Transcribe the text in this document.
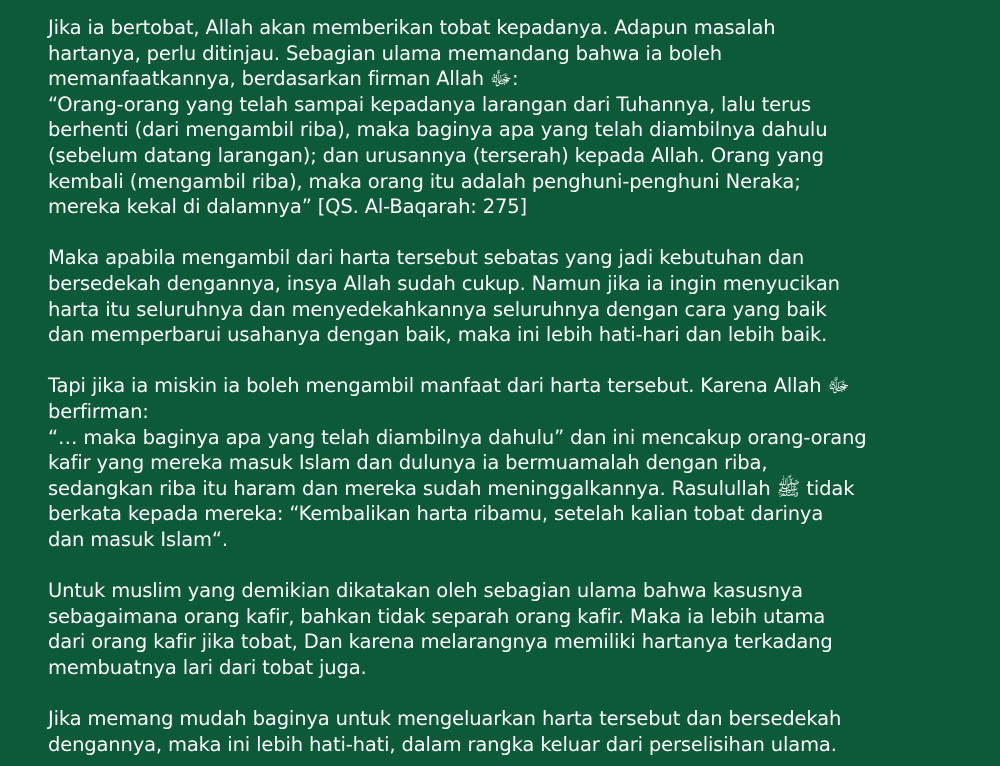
Jika ia bertobat, Allah akan memberikan tobat kepadanya. Adapun masalah
hartanya, perlu ditinjau. Sebagian ulama memandang bahwa ia boleh
memanfaatkannya, berdasarkan firman Allah ﷻ:
“Orang-orang yang telah sampai kepadanya larangan dari Tuhannya, lalu terus
berhenti (dari mengambil riba), maka baginya apa yang telah diambilnya dahulu
(sebelum datang larangan); dan urusannya (terserah) kepada Allah. Orang yang
kembali (mengambil riba), maka orang itu adalah penghuni-penghuni Neraka;
mereka kekal di dalamnya” [QS. Al-Baqarah: 275]

Maka apabila mengambil dari harta tersebut sebatas yang jadi kebutuhan dan
bersedekah dengannya, insya Allah sudah cukup. Namun jika ia ingin menyucikan
harta itu seluruhnya dan menyedekahkannya seluruhnya dengan cara yang baik
dan memperbarui usahanya dengan baik, maka ini lebih hati-hari dan lebih baik.

Tapi jika ia miskin ia boleh mengambil manfaat dari harta tersebut. Karena Allah ﷻ
berfirman:
“… maka baginya apa yang telah diambilnya dahulu” dan ini mencakup orang-orang
kafir yang mereka masuk Islam dan dulunya ia bermuamalah dengan riba,
sedangkan riba itu haram dan mereka sudah meninggalkannya. Rasulullah ﷺ tidak
berkata kepada mereka: “Kembalikan harta ribamu, setelah kalian tobat darinya
dan masuk Islam“.

Untuk muslim yang demikian dikatakan oleh sebagian ulama bahwa kasusnya
sebagaimana orang kafir, bahkan tidak separah orang kafir. Maka ia lebih utama
dari orang kafir jika tobat, Dan karena melarangnya memiliki hartanya terkadang
membuatnya lari dari tobat juga.

Jika memang mudah baginya untuk mengeluarkan harta tersebut dan bersedekah
dengannya, maka ini lebih hati-hati, dalam rangka keluar dari perselisihan ulama.
